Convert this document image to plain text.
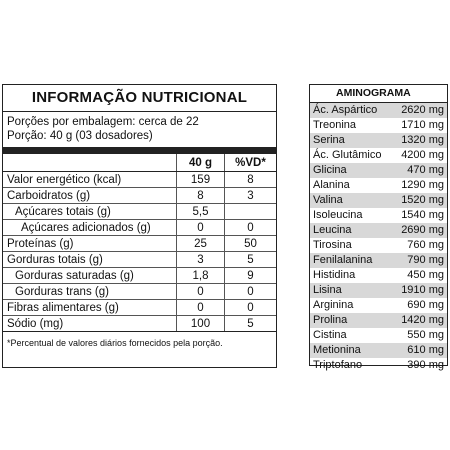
INFORMAÇÃO NUTRICIONAL
Porções por embalagem: cerca de 22
Porção: 40 g (03 dosadores)
40 g	%VD*
Valor energético (kcal)	159	8
Carboidratos (g)	8	3
Açúcares totais (g)	5,5
Açúcares adicionados (g)	0	0
Proteínas (g)	25	50
Gorduras totais (g)	3	5
Gorduras saturadas (g)	1,8	9
Gorduras trans (g)	0	0
Fibras alimentares (g)	0	0
Sódio (mg)	100	5
*Percentual de valores diários fornecidos pela porção.
AMINOGRAMA
Ác. Aspártico 2620 mg
Treonina	1710 mg
Serina	1320 mg
Ác. Glutâmico 4200 mg
Glicina	470 mg
Alanina	1290 mg
Valina	1520 mg
Isoleucina	1540 mg
Leucina	2690 mg
Tirosina	760 mg
Fenilalanina	790 mg
Histidina	450 mg
Lisina	1910 mg
Arginina	690 mg
Prolina	1420 mg
Cistina	550 mg
Metionina	610 mg
Triptofano	390 mg
